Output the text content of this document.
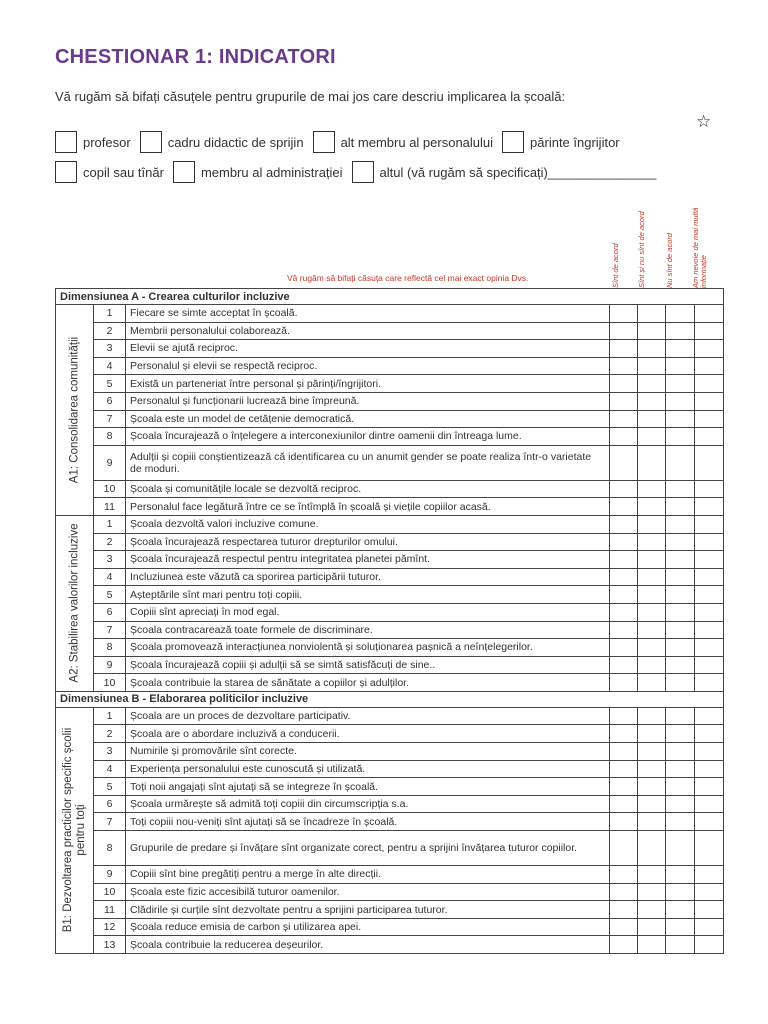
CHESTIONAR 1: INDICATORI
Vă rugăm să bifați căsuțele pentru grupurile de mai jos care descriu implicarea la școală:
☆
profesor	cadru didactic de sprijin	alt membru al personalului	părinte îngrijitor
copil sau tînăr	membru al administrației	altul (vă rugăm să specificați)_______________
Sînt de acord Sînt și nu sînt de acord	Nu sînt de acord Am nevoie de mai multă informație
Vă rugăm să bifați căsuța care reflectă cel mai exact opinia Dvs.
Dimensiunea A - Crearea culturilor incluzive						

A1: Consolidarea comunității	1	Fiecare se simte acceptat în școală.				
	2	Membrii personalului colaborează.				
	3	Elevii se ajută reciproc.				
	4	Personalul și elevii se respectă reciproc.				
	5	Există un parteneriat între personal și părinți/îngrijitori.				
	6	Personalul și funcționarii lucrează bine împreună.				
	7	Școala este un model de cetățenie democratică.				
	8	Școala încurajează o înțelegere a interconexiunilor dintre oamenii din întreaga lume.				
	9	Adulții și copiii conștientizează că identificarea cu un anumit gender se poate realiza într-o varietate de moduri.				
	10	Școala și comunitățile locale se dezvoltă reciproc.				
	11	Personalul face legătură între ce se întîmplă în școală și viețile copiilor acasă.				

A2: Stabilirea valorilor incluzive	1	Școala dezvoltă valori incluzive comune.				
	2	Școala încurajează respectarea tuturor drepturilor omului.				
	3	Școala încurajează respectul pentru integritatea planetei pămînt.				
	4	Incluziunea este văzută ca sporirea participării tuturor.				
	5	Așteptările sînt mari pentru toți copiii.				
	6	Copiii sînt apreciați în mod egal.				
	7	Școala contracarează toate formele de discriminare.				
	8	Școala promovează interacțiunea nonviolentă și soluționarea pașnică a neînțelegerilor.				
	9	Școala încurajează copiii și adulții să se simtă satisfăcuți de sine..				
	10	Școala contribuie la starea de sănătate a copiilor și adulților.				
Dimensiunea B - Elaborarea politicilor incluzive						

B1: Dezvoltarea practicilor specific școlii pentru toți	1	Școala are un proces de dezvoltare participativ.				
	2	Școala are o abordare incluzivă a conducerii.				
	3	Numirile și promovările sînt corecte.				
	4	Experiența personalului este cunoscută și utilizată.				
	5	Toți noii angajați sînt ajutați să se integreze în școală.				
	6	Școala urmărește să admită toți copiii din circumscripția s.a.				
	7	Toți copiii nou-veniți sînt ajutați să se încadreze în școală.				
	8	Grupurile de predare și învățare sînt organizate corect, pentru a sprijini învățarea tuturor copiilor.				
	9	Copiii sînt bine pregătiți pentru a merge în alte direcții.				
	10	Școala este fizic accesibilă tuturor oamenilor.				
	11	Clădirile și curțile sînt dezvoltate pentru a sprijini participarea tuturor.				
	12	Școala reduce emisia de carbon și utilizarea apei.				
	13	Școala contribuie la reducerea deșeurilor.				
